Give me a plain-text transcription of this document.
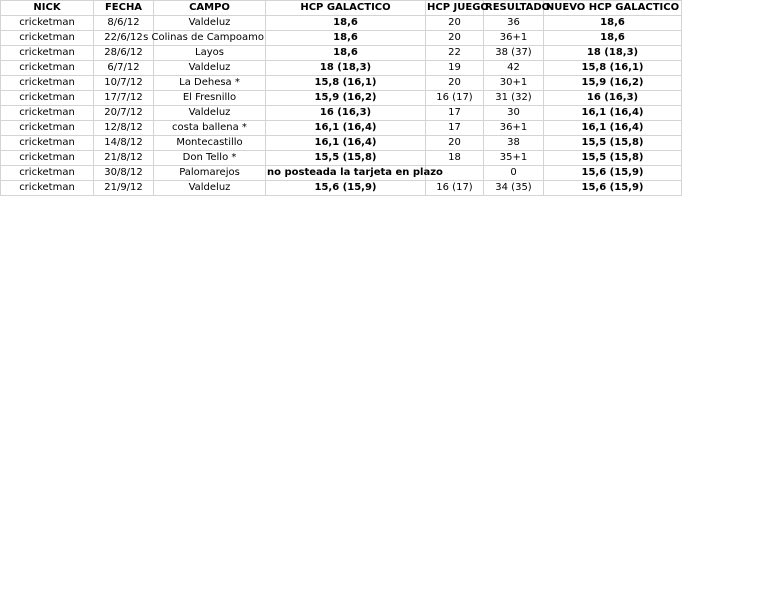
NICK	FECHA	CAMPO	HCP GALACTICO	HCP JUEGO	RESULTADO	NUEVO HCP GALACTICO
cricketman	8/6/12	Valdeluz	18,6	20	36	18,6
cricketman	22/6/12	s Colinas de Campoamo	18,6	20	36+1	18,6
cricketman	28/6/12	Layos	18,6	22	38 (37)	18 (18,3)
cricketman	6/7/12	Valdeluz	18 (18,3)	19	42	15,8 (16,1)
cricketman	10/7/12	La Dehesa *	15,8 (16,1)	20	30+1	15,9 (16,2)
cricketman	17/7/12	El Fresnillo	15,9 (16,2)	16 (17)	31 (32)	16 (16,3)
cricketman	20/7/12	Valdeluz	16 (16,3)	17	30	16,1 (16,4)
cricketman	12/8/12	costa ballena *	16,1 (16,4)	17	36+1	16,1 (16,4)
cricketman	14/8/12	Montecastillo	16,1 (16,4)	20	38	15,5 (15,8)
cricketman	21/8/12	Don Tello *	15,5 (15,8)	18	35+1	15,5 (15,8)
cricketman	30/8/12	Palomarejos	no posteada la tarjeta en plazo		0	15,6 (15,9)
cricketman	21/9/12	Valdeluz	15,6 (15,9)	16 (17)	34 (35)	15,6 (15,9)
